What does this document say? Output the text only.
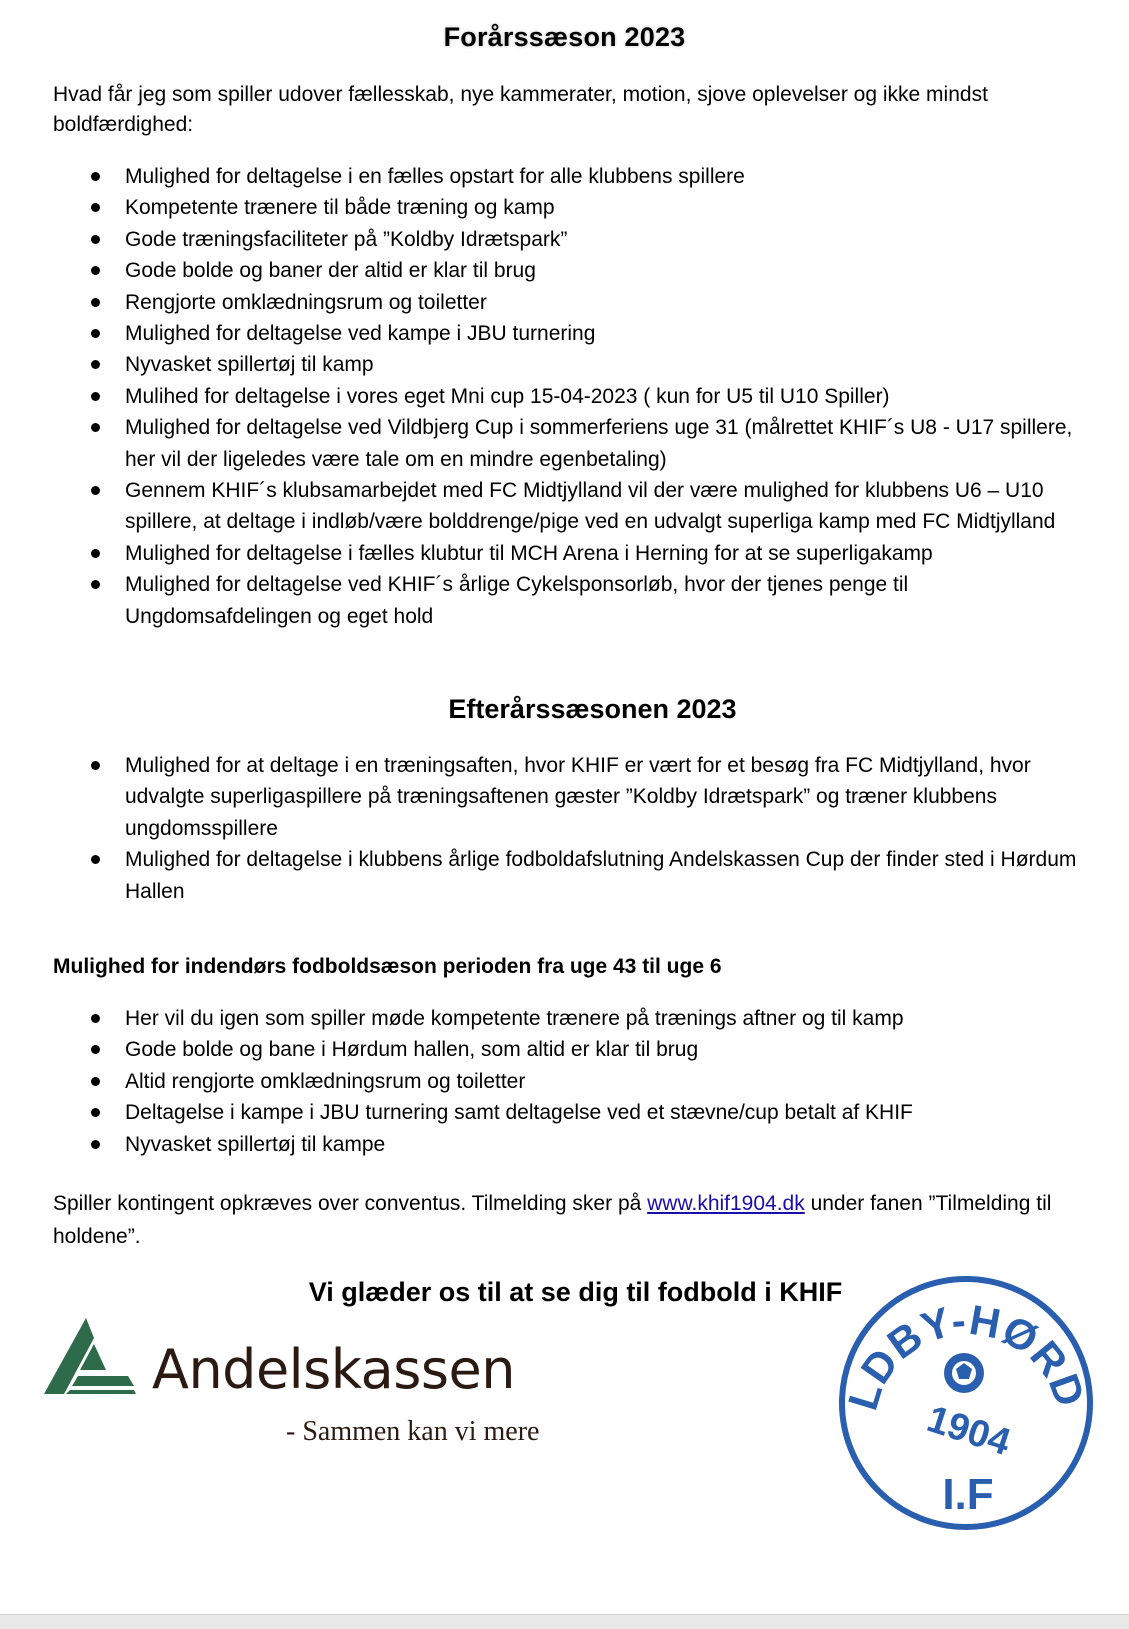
Forårssæson 2023
Hvad får jeg som spiller udover fællesskab, nye kammerater, motion, sjove oplevelser og ikke mindst boldfærdighed:
Mulighed for deltagelse i en fælles opstart for alle klubbens spillere
Kompetente trænere til både træning og kamp
Gode træningsfaciliteter på ”Koldby Idrætspark”
Gode bolde og baner der altid er klar til brug
Rengjorte omklædningsrum og toiletter
Mulighed for deltagelse ved kampe i JBU turnering
Nyvasket spillertøj til kamp
Mulihed for deltagelse i vores eget Mni cup 15-04-2023 ( kun for U5 til U10 Spiller)
Mulighed for deltagelse ved Vildbjerg Cup i sommerferiens uge 31 (målrettet KHIF´s U8 - U17 spillere, her vil der ligeledes være tale om en mindre egenbetaling)
Gennem KHIF´s klubsamarbejdet med FC Midtjylland vil der være mulighed for klubbens U6 – U10 spillere, at deltage i indløb/være bolddrenge/pige ved en udvalgt superliga kamp med FC Midtjylland
Mulighed for deltagelse i fælles klubtur til MCH Arena i Herning for at se superligakamp
Mulighed for deltagelse ved KHIF´s årlige Cykelsponsorløb, hvor der tjenes penge til Ungdomsafdelingen og eget hold
Efterårssæsonen 2023
Mulighed for at deltage i en træningsaften, hvor KHIF er vært for et besøg fra FC Midtjylland, hvor udvalgte superligaspillere på træningsaftenen gæster ”Koldby Idrætspark” og træner klubbens ungdomsspillere
Mulighed for deltagelse i klubbens årlige fodboldafslutning Andelskassen Cup der finder sted i Hørdum Hallen
Mulighed for indendørs fodboldsæson perioden fra uge 43 til uge 6
Her vil du igen som spiller møde kompetente trænere på trænings aftner og til kamp
Gode bolde og bane i Hørdum hallen, som altid er klar til brug
Altid rengjorte omklædningsrum og toiletter
Deltagelse i kampe i JBU turnering samt deltagelse ved et stævne/cup betalt af KHIF
Nyvasket spillertøj til kampe
Spiller kontingent opkræves over conventus. Tilmelding sker på www.khif1904.dk under fanen ”Tilmelding til holdene”.
Vi glæder os til at se dig til fodbold i KHIF
Andelskassen
- Sammen kan vi mere
LDBY-HØRD
1904
I.F
